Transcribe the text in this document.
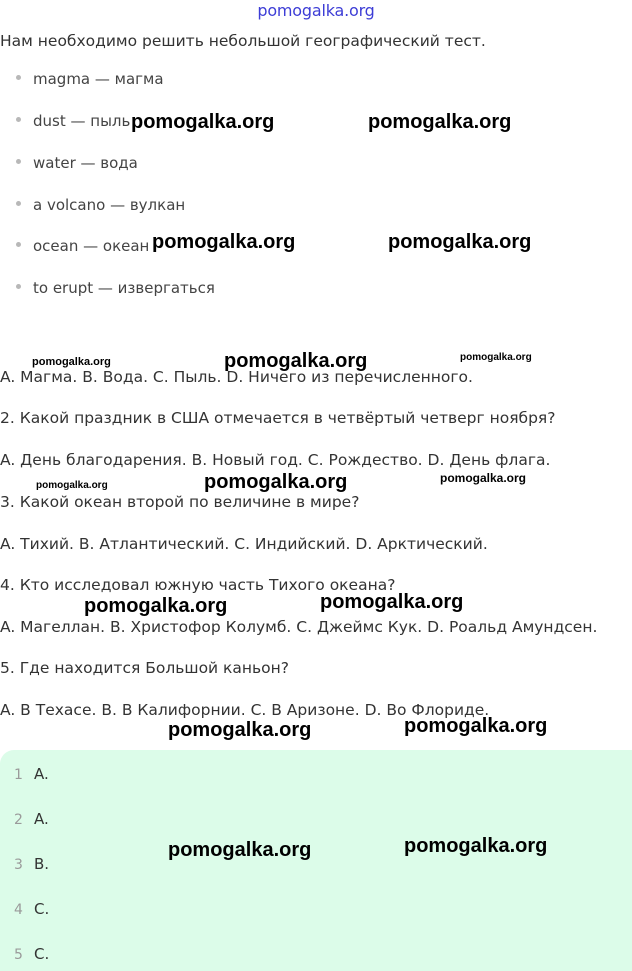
pomogalka.org
Нам необходимо решить небольшой географический тест.
magma — магма
dust — пыль
water — вода
a volcano — вулкан
ocean — океан
to erupt — извергаться
A. Магма. B. Вода. C. Пыль. D. Ничего из перечисленного.
2. Какой праздник в США отмечается в четвёртый четверг ноября?
A. День благодарения. B. Новый год. C. Рождество. D. День флага.
3. Какой океан второй по величине в мире?
A. Тихий. B. Атлантический. C. Индийский. D. Арктический.
4. Кто исследовал южную часть Тихого океана?
A. Магеллан. B. Христофор Колумб. C. Джеймс Кук. D. Роальд Амундсен.
5. Где находится Большой каньон?
A. В Техасе. B. В Калифорнии. C. В Аризоне. D. Во Флориде.
1 A.
2 A.
3 B.
4 C.
5 C.
pomogalka.org	pomogalka.org
pomogalka.org	pomogalka.org
pomogalka.org	pomogalka.org	pomogalka.org
pomogalka.org	pomogalka.org	pomogalka.org
pomogalka.org	pomogalka.org
pomogalka.org	pomogalka.org
pomogalka.org	pomogalka.org
